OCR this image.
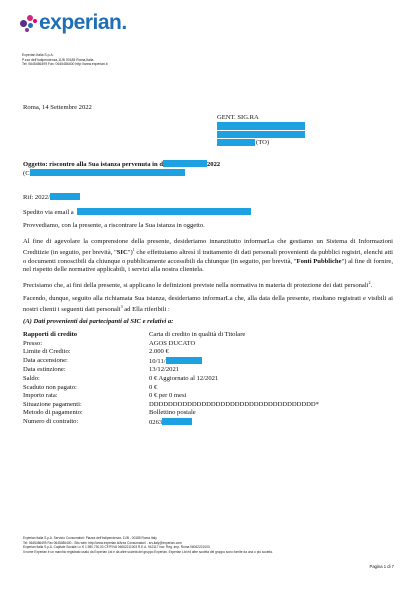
experian.
Experian Italia S.p.A.
P.zza dell'Indipendenza,11/B 00185 Roma,Italia
Tel: 0645486499 Fax: 0645486400 http://www.experian.it
Roma, 14 Settembre 2022
GENT. SIG.RA
(TO)
Oggetto: riscontro alla Sua istanza pervenuta in d	2022
(C
Rif: 2022/
Spedito via email a
Provvediamo, con la presente, a riscontrare la Sua istanza in oggetto.
Al fine di agevolare la comprensione della presente, desideriamo innanzitutto informarLa che gestiamo un Sistema di Informazioni Creditizie (in seguito, per brevità, "SIC")$^1$ che effettuiamo altresì il trattamento di dati personali provenienti da pubblici registri, elenchi atti o documenti conoscibili da chiunque o pubblicamente accessibili da chiunque (in seguito, per brevità, "Fonti Pubbliche") al fine di fornire, nel rispetto delle normative applicabili, i servizi alla nostra clientela.
Precisiamo che, ai fini della presente, si applicano le definizioni previste nella normativa in materia di protezione dei dati personali$^2$.
Facendo, dunque, seguito alla richiamata Sua istanza, desideriamo informarLa che, alla data della presente, risultano registrati e visibili ai nostri clienti i seguenti dati personali$^3$ ad Ella riferibili :
(A) Dati provenienti dai partecipanti al SIC e relativi a:
Rapporti di credito	Carta di credito in qualità di Titolare
Presso:	AGOS DUCATO
Limite di Credito:	2.000 €
Data accensione:	10/11/
Data estinzione:	13/12/2021
Saldo:	0 € Aggiornato al 12/2021
Scaduto non pagato:	0 €
Importo rata:	0 € per 0 mesi
Situazione pagamenti:	DDDDDDDDDDDDDDDDDDDDDDDDDDDDDDDDDDD*
Metodo di pagamento:	Bollettino postale
Numero di contratto:	0263
Experian Italia S.p.A. Servizio Consumatori: Piazza dell'Indipendenza, 11/B - 00185 Roma Italy
Tel: 0645486499 Fax 0645486400 - Sito web: http://www.experian.it/Area Consumatori/ - srv.italy@experian.com
Experian Italia S.p.A. Capitale Sociale i.v. € 1.980.730,00 CF/P.IVA 06062211003 R.E.A. 942117 Iscr. Reg. Imp. Roma 06062221003
Il nome Experian è un marchio registrato usato da Experian Ltd e da altre società del gruppo Experian. Experian Ltd ed altre società del gruppo sono fornite da una o più società.
Pagina 1 di 7
